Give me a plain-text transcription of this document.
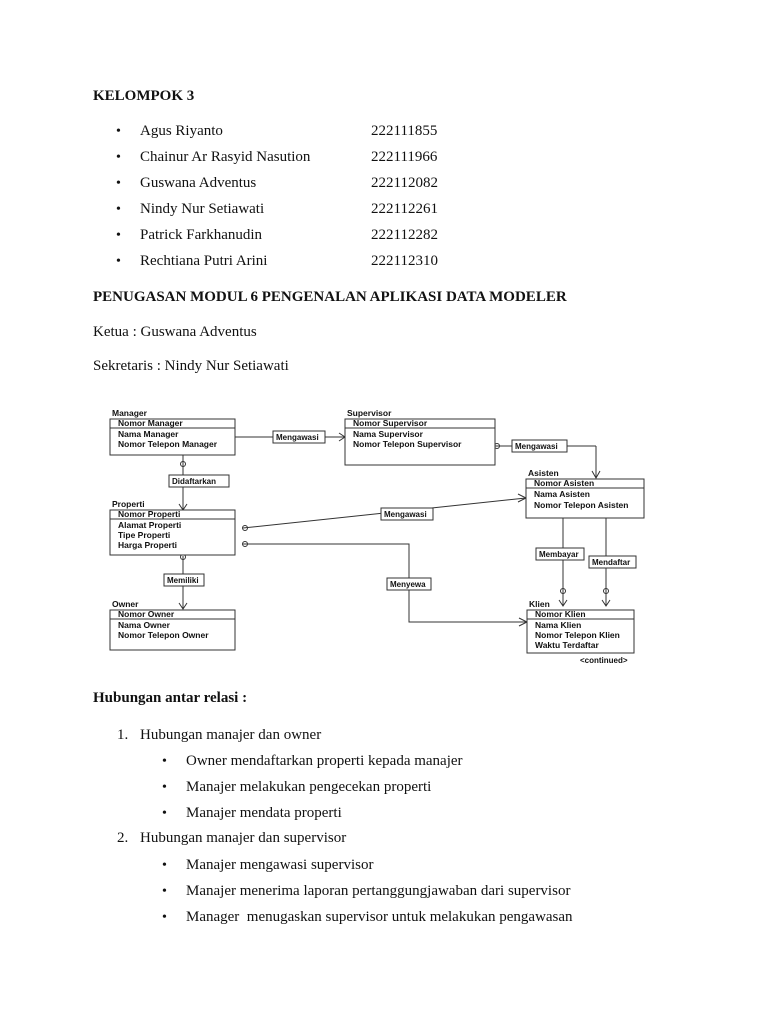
KELOMPOK 3
• Agus Riyanto	222111855
• Chainur Ar Rasyid Nasution	222111966
• Guswana Adventus	222112082
• Nindy Nur Setiawati	222112261
• Patrick Farkhanudin	222112282
• Rechtiana Putri Arini	222112310
PENUGASAN MODUL 6 PENGENALAN APLIKASI DATA MODELER
Ketua : Guswana Adventus
Sekretaris : Nindy Nur Setiawati
Manager
Nomor Manager
Nama Manager
Nomor Telepon Manager
Supervisor
Nomor Supervisor
Nama Supervisor
Nomor Telepon Supervisor
Asisten
Nomor Asisten
Nama Asisten
Nomor Telepon Asisten
Properti
Nomor Properti
Alamat Properti
Tipe Properti
Harga Properti
Owner
Nomor Owner
Nama Owner
Nomor Telepon Owner
Klien
Nomor Klien
Nama Klien
Nomor Telepon Klien
Waktu Terdaftar
<continued>
Mengawasi
Mengawasi
Didaftarkan
Mengawasi
Memiliki	Menyewa
Membayar
Mendaftar
Hubungan antar relasi :
1. Hubungan manajer dan owner
• Owner mendaftarkan properti kepada manajer
• Manajer melakukan pengecekan properti
• Manajer mendata properti
2. Hubungan manajer dan supervisor
• Manajer mengawasi supervisor
• Manajer menerima laporan pertanggungjawaban dari supervisor
• Manager  menugaskan supervisor untuk melakukan pengawasan
